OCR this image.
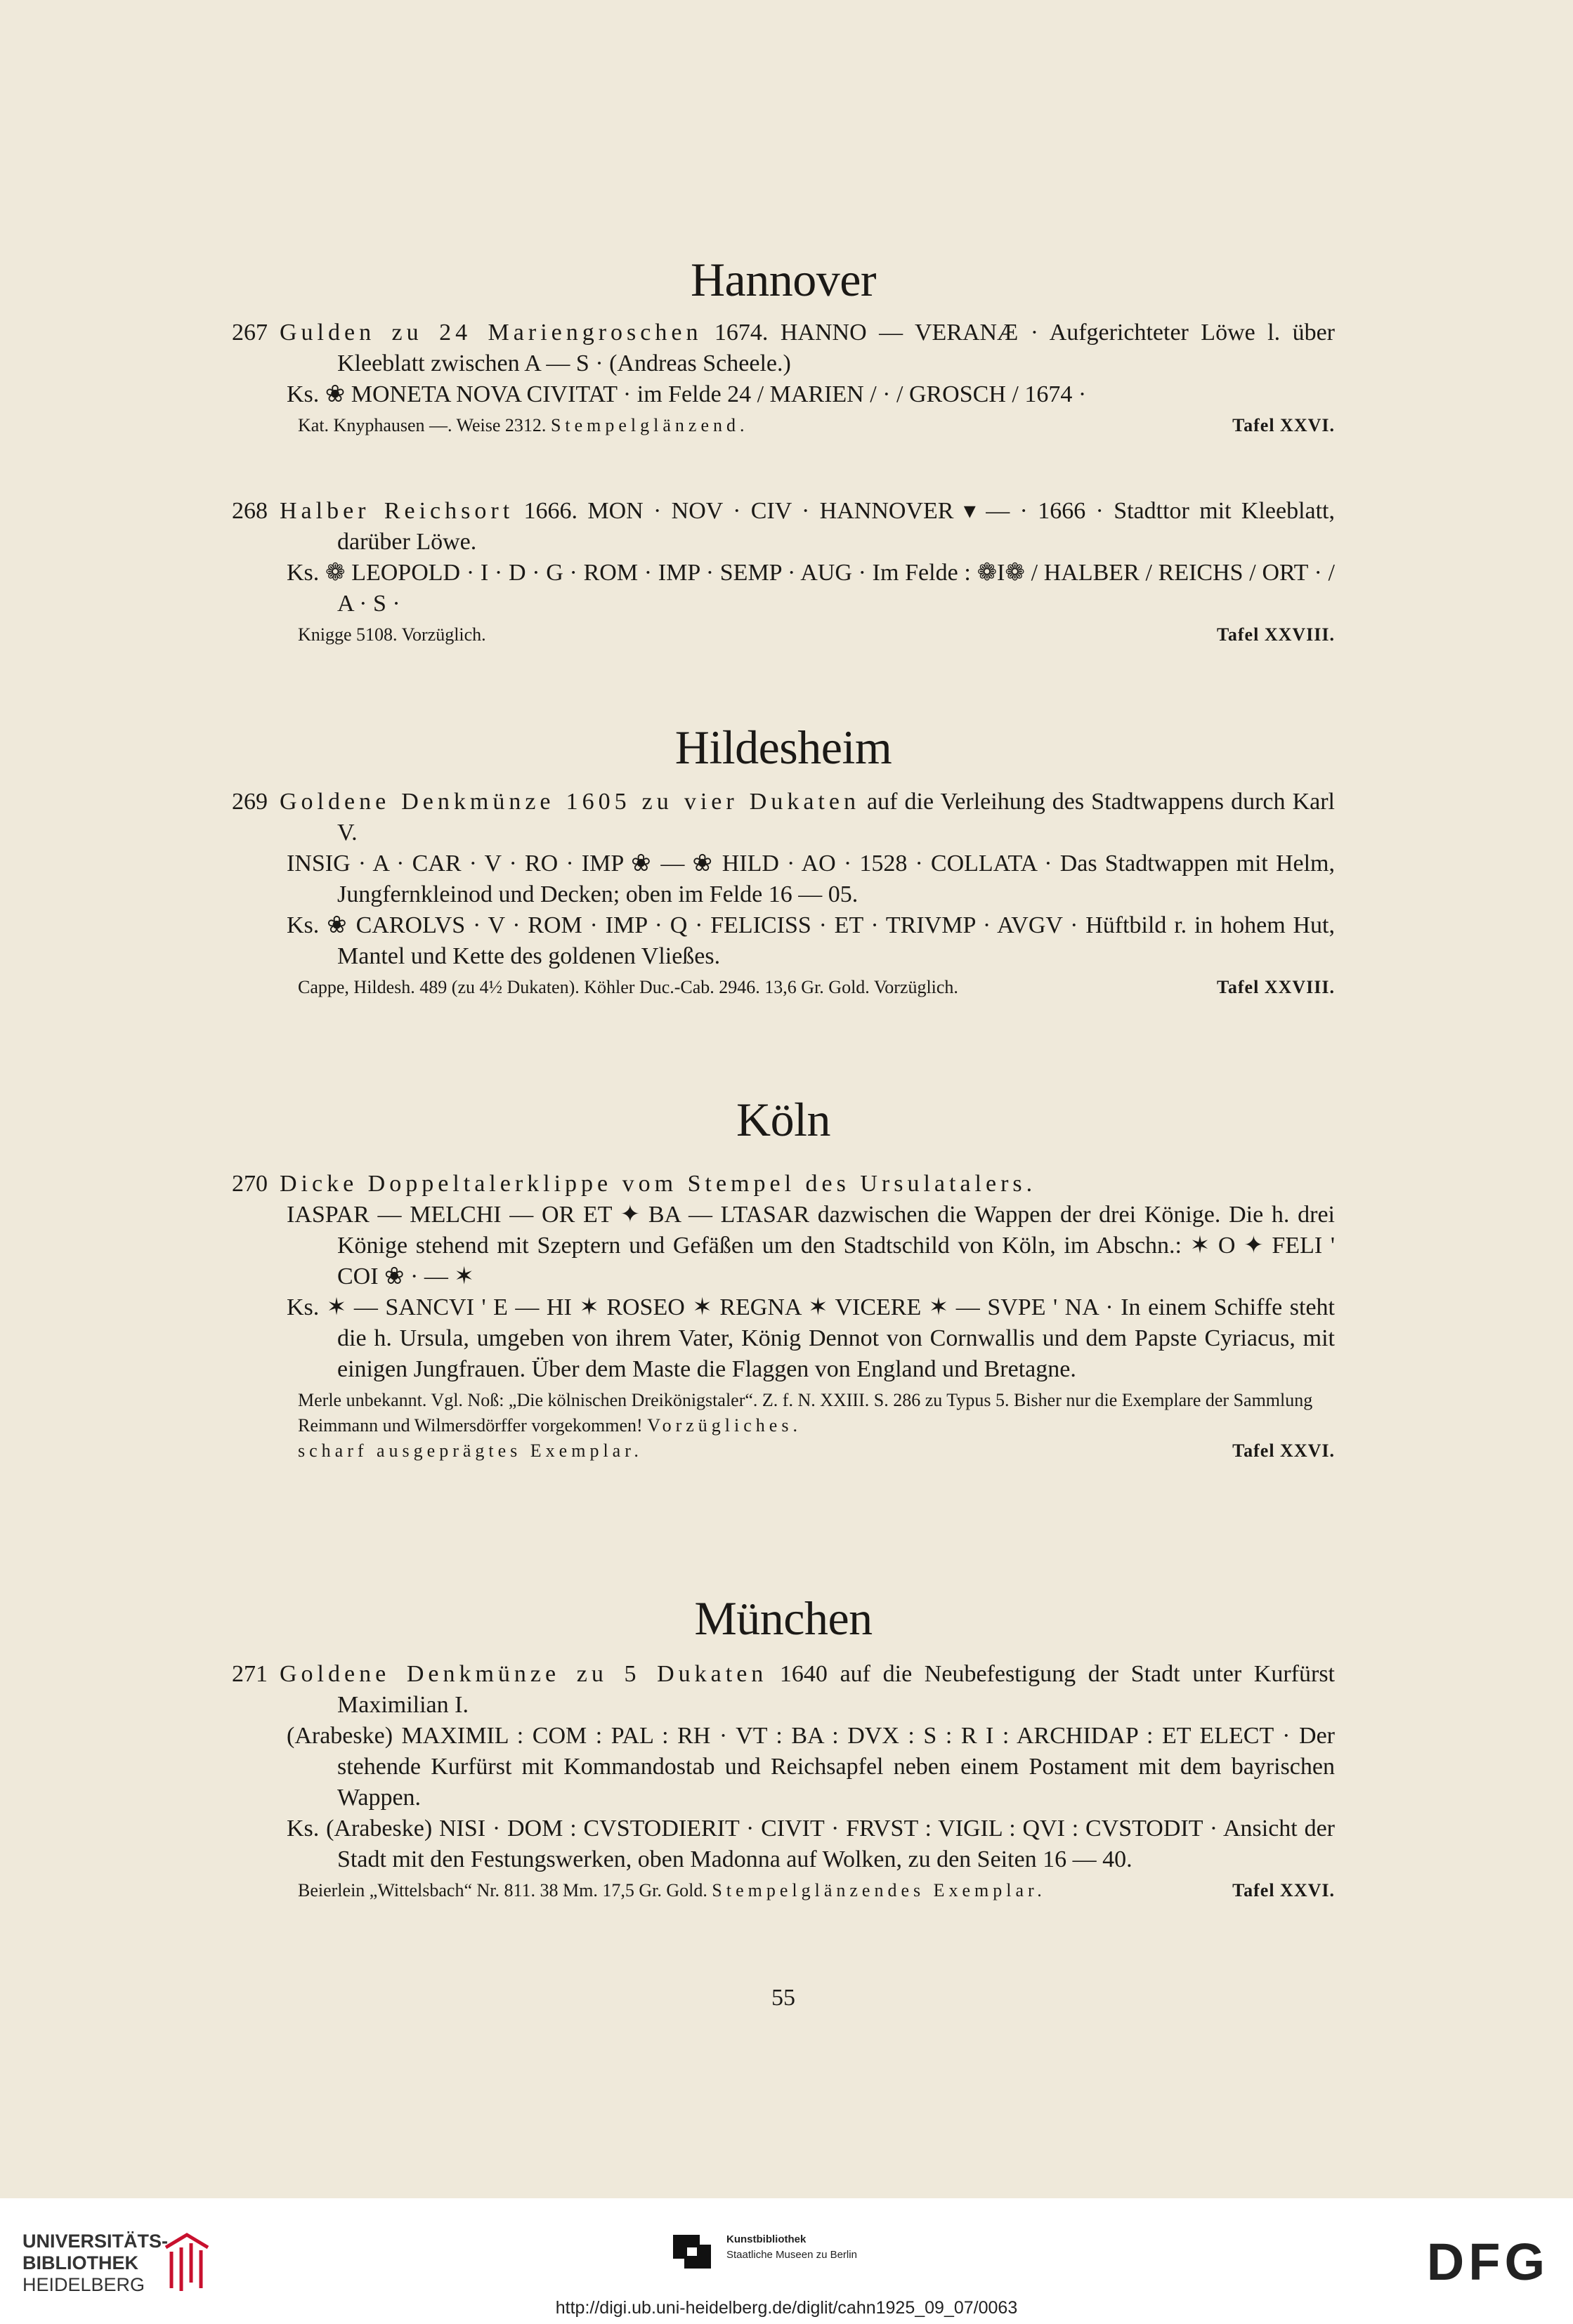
Hannover

267 Gulden zu 24 Mariengroschen 1674. HANNO — VERANÆ · Aufgerichteter Löwe l. über Kleeblatt zwischen A — S · (Andreas Scheele.)

Ks. ❀ MONETA NOVA CIVITAT · im Felde 24 / MARIEN / · / GROSCH / 1674 ·

Kat. Knyphausen —. Weise 2312. Stempelglänzend.	Tafel XXVI.

268 Halber Reichsort 1666. MON · NOV · CIV · HANNOVER ▾ — · 1666 · Stadttor mit Kleeblatt, darüber Löwe.

Ks. ❁ LEOPOLD · I · D · G · ROM · IMP · SEMP · AUG · Im Felde : ❁I❁ / HALBER / REICHS / ORT · / A · S ·

Knigge 5108. Vorzüglich.	Tafel XXVIII.
Hildesheim

269 Goldene Denkmünze 1605 zu vier Dukaten auf die Verleihung des Stadtwappens durch Karl V.

INSIG · A · CAR · V · RO · IMP ❀ — ❀ HILD · AO · 1528 · COLLATA · Das Stadtwappen mit Helm, Jungfernkleinod und Decken; oben im Felde 16 — 05.

Ks. ❀ CAROLVS · V · ROM · IMP · Q · FELICISS · ET · TRIVMP · AVGV · Hüftbild r. in hohem Hut, Mantel und Kette des goldenen Vließes.

Cappe, Hildesh. 489 (zu 4½ Dukaten). Köhler Duc.-Cab. 2946. 13,6 Gr. Gold. Vorzüglich.	Tafel XXVIII.
Köln

270 Dicke Doppeltalerklippe vom Stempel des Ursulatalers.

IASPAR — MELCHI — OR ET ✦ BA — LTASAR dazwischen die Wappen der drei Könige. Die h. drei Könige stehend mit Szeptern und Gefäßen um den Stadtschild von Köln, im Abschn.: ✶ O ✦ FELI ' COI ❀ · — ✶

Ks. ✶ — SANCVI ' E — HI ✶ ROSEO ✶ REGNA ✶ VICERE ✶ — SVPE ' NA · In einem Schiffe steht die h. Ursula, umgeben von ihrem Vater, König Dennot von Cornwallis und dem Papste Cyriacus, mit einigen Jungfrauen. Über dem Maste die Flaggen von England und Bretagne.

Merle unbekannt. Vgl. Noß: „Die kölnischen Dreikönigstaler“. Z. f. N. XXIII. S. 286 zu Typus 5. Bisher nur die Exemplare der Sammlung Reimmann und Wilmersdörffer vorgekommen! Vorzügliches.
scharf ausgeprägtes Exemplar.	Tafel XXVI.
München

271 Goldene Denkmünze zu 5 Dukaten 1640 auf die Neubefestigung der Stadt unter Kurfürst Maximilian I.

(Arabeske) MAXIMIL : COM : PAL : RH · VT : BA : DVX : S : R I : ARCHIDAP : ET ELECT · Der stehende Kurfürst mit Kommandostab und Reichsapfel neben einem Postament mit dem bayrischen Wappen.

Ks. (Arabeske) NISI · DOM : CVSTODIERIT · CIVIT · FRVST : VIGIL : QVI : CVSTODIT · Ansicht der Stadt mit den Festungswerken, oben Madonna auf Wolken, zu den Seiten 16 — 40.

Beierlein „Wittelsbach“ Nr. 811. 38 Mm. 17,5 Gr. Gold. Stempelglänzendes Exemplar.	Tafel XXVI.
55
UNIVERSITÄTS-
BIBLIOTHEK
HEIDELBERG
Kunstbibliothek
Staatliche Museen zu Berlin	DFG
http://digi.ub.uni-heidelberg.de/diglit/cahn1925_09_07/0063
